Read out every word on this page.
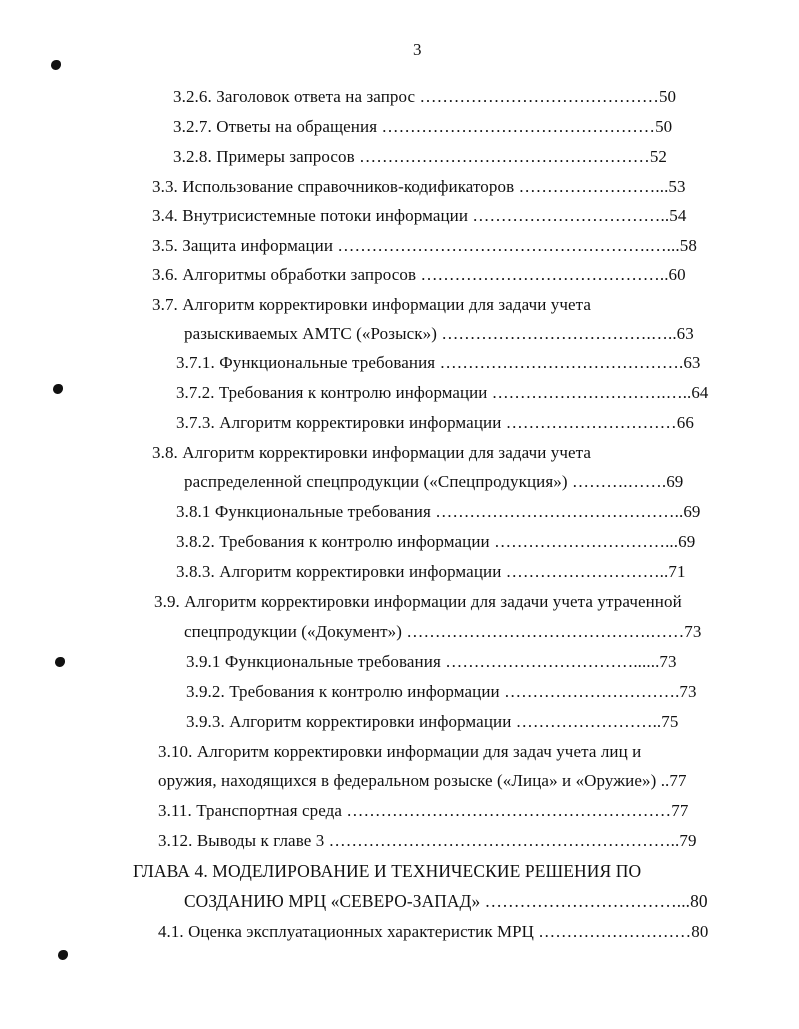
3
3.2.6. Заголовок ответа на запрос ……………………………………50
3.2.7. Ответы на обращения …………………………………………50
3.2.8. Примеры запросов ……………………………………………52
3.3. Использование справочников-кодификаторов ……………………...53
3.4. Внутрисистемные потоки информации ……………………………..54
3.5. Защита информации ……………………………………………….…...58
3.6. Алгоритмы обработки запросов ……………………………………..60
3.7. Алгоритм корректировки информации для задачи учета
разыскиваемых АМТС («Розыск») ……………………………….…..63
3.7.1. Функциональные требования …………………………………….63
3.7.2. Требования к контролю информации ………………………….…..64
3.7.3. Алгоритм корректировки информации …………………………66
3.8. Алгоритм корректировки информации для задачи учета
распределенной спецпродукции («Спецпродукция») ……….…….69
3.8.1 Функциональные требования ……………………………………..69
3.8.2. Требования к контролю информации …………………………...69
3.8.3. Алгоритм корректировки информации ………………………..71
3.9. Алгоритм корректировки информации для задачи учета утраченной
спецпродукции («Документ») …………………………………….……73
3.9.1 Функциональные требования ……………………………......73
3.9.2. Требования к контролю информации ………………………….73
3.9.3. Алгоритм корректировки информации ……………………..75
3.10. Алгоритм корректировки информации для задач учета лиц и
оружия, находящихся в федеральном розыске («Лица» и «Оружие») ..77
3.11. Транспортная среда …………………………………………………77
3.12. Выводы к главе 3 ……………………………………………………..79
ГЛАВА 4. МОДЕЛИРОВАНИЕ И ТЕХНИЧЕСКИЕ РЕШЕНИЯ ПО
СОЗДАНИЮ МРЦ «СЕВЕРО-ЗАПАД» ……………………………...80
4.1. Оценка эксплуатационных характеристик МРЦ ………………………80
